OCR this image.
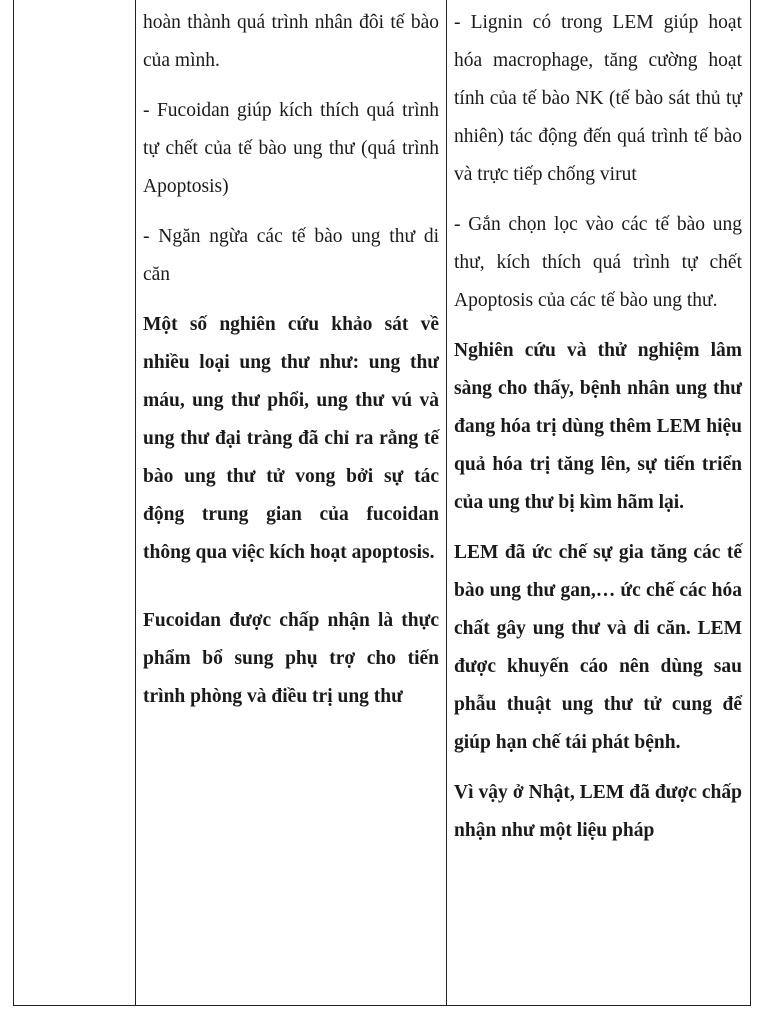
hoàn thành quá trình nhân đôi tế bào của mình.

- Fucoidan giúp kích thích quá trình tự chết của tế bào ung thư (quá trình Apoptosis)

- Ngăn ngừa các tế bào ung thư di căn

Một số nghiên cứu khảo sát về nhiều loại ung thư như: ung thư máu, ung thư phổi, ung thư vú và ung thư đại tràng đã chỉ ra rằng tế bào ung thư tử vong bởi sự tác động trung gian của fucoidan thông qua việc kích hoạt apoptosis.

Fucoidan được chấp nhận là thực phẩm bổ sung phụ trợ cho tiến trình phòng và điều trị ung thư

- Lignin có trong LEM giúp hoạt hóa macrophage, tăng cường hoạt tính của tế bào NK (tế bào sát thủ tự nhiên) tác động đến quá trình tế bào và trực tiếp chống virut

- Gắn chọn lọc vào các tế bào ung thư, kích thích quá trình tự chết Apoptosis của các tế bào ung thư.

Nghiên cứu và thử nghiệm lâm sàng cho thấy, bệnh nhân ung thư đang hóa trị dùng thêm LEM hiệu quả hóa trị tăng lên, sự tiến triển của ung thư bị kìm hãm lại.

LEM đã ức chế sự gia tăng các tế bào ung thư gan,… ức chế các hóa chất gây ung thư và di căn. LEM được khuyến cáo nên dùng sau phẫu thuật ung thư tử cung để giúp hạn chế tái phát bệnh.

Vì vậy ở Nhật, LEM đã được chấp nhận như một liệu pháp
